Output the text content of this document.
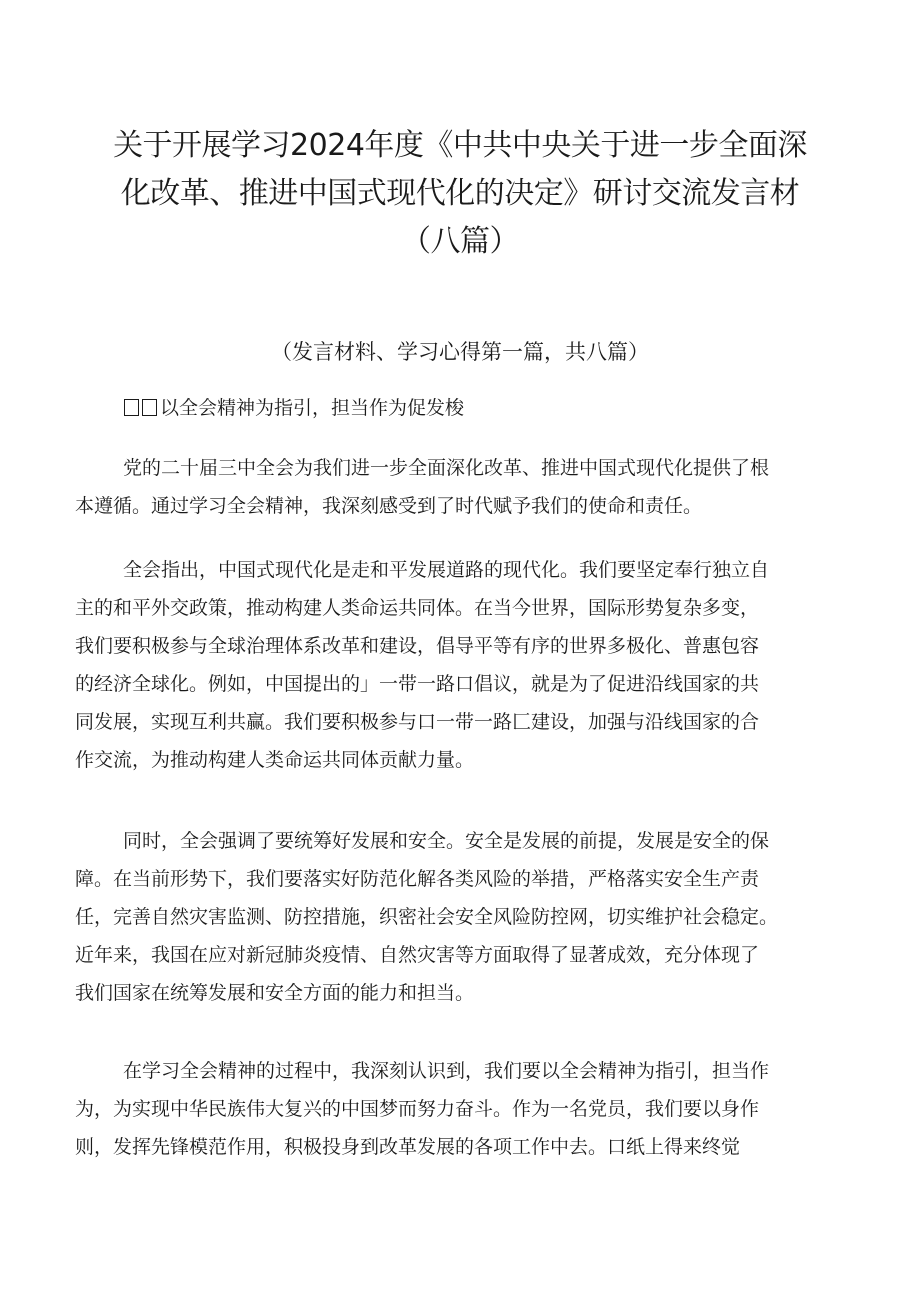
关于开展学习2024年度《中共中央关于进一步全面深
化改革、推进中国式现代化的决定》研讨交流发言材
（八篇）
（发言材料、学习心得第一篇，共八篇）
以全会精神为指引，担当作为促发梭
党的二十届三中全会为我们进一步全面深化改革、推进中国式现代化提供了根
本遵循。通过学习全会精神，我深刻感受到了时代赋予我们的使命和责任。
全会指出，中国式现代化是走和平发展道路的现代化。我们要坚定奉行独立自
主的和平外交政策，推动构建人类命运共同体。在当今世界，国际形势复杂多变，
我们要积极参与全球治理体系改革和建设，倡导平等有序的世界多极化、普惠包容
的经济全球化。例如，中国提出的」一带一路口倡议，就是为了促进沿线国家的共
同发展，实现互利共赢。我们要积极参与口一带一路匚建设，加强与沿线国家的合
作交流，为推动构建人类命运共同体贡献力量。
同时，全会强调了要统筹好发展和安全。安全是发展的前提，发展是安全的保
障。在当前形势下，我们要落实好防范化解各类风险的举措，严格落实安全生产责
任，完善自然灾害监测、防控措施，织密社会安全风险防控网，切实维护社会稳定。
近年来，我国在应对新冠肺炎疫情、自然灾害等方面取得了显著成效，充分体现了
我们国家在统筹发展和安全方面的能力和担当。
在学习全会精神的过程中，我深刻认识到，我们要以全会精神为指引，担当作
为，为实现中华民族伟大复兴的中国梦而努力奋斗。作为一名党员，我们要以身作
则，发挥先锋模范作用，积极投身到改革发展的各项工作中去。口纸上得来终觉
